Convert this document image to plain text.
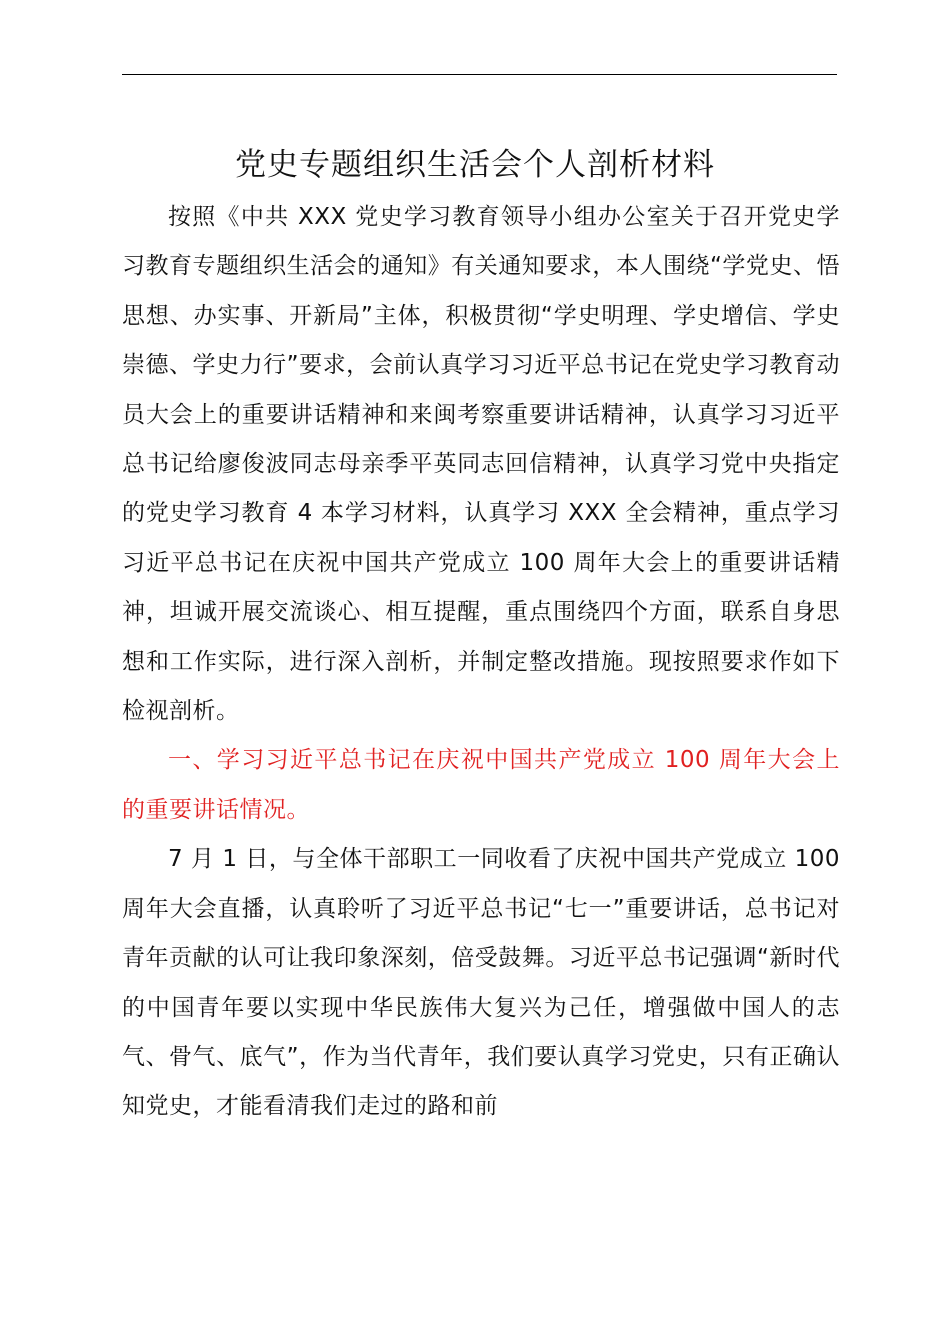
党史专题组织生活会个人剖析材料

按照《中共 XXX 党史学习教育领导小组办公室关于召开党史学习教育专题组织生活会的通知》有关通知要求，本人围绕“学党史、悟思想、办实事、开新局”主体，积极贯彻“学史明理、学史增信、学史崇德、学史力行”要求，会前认真学习习近平总书记在党史学习教育动员大会上的重要讲话精神和来闽考察重要讲话精神，认真学习习近平总书记给廖俊波同志母亲季平英同志回信精神，认真学习党中央指定的党史学习教育 4 本学习材料，认真学习 XXX 全会精神，重点学习习近平总书记在庆祝中国共产党成立 100 周年大会上的重要讲话精神，坦诚开展交流谈心、相互提醒，重点围绕四个方面，联系自身思想和工作实际，进行深入剖析，并制定整改措施。现按照要求作如下检视剖析。

一、学习习近平总书记在庆祝中国共产党成立 100 周年大会上的重要讲话情况。

7 月 1 日，与全体干部职工一同收看了庆祝中国共产党成立 100 周年大会直播，认真聆听了习近平总书记“七一”重要讲话，总书记对青年贡献的认可让我印象深刻，倍受鼓舞。习近平总书记强调“新时代的中国青年要以实现中华民族伟大复兴为己任，增强做中国人的志气、骨气、底气”，作为当代青年，我们要认真学习党史，只有正确认知党史，才能看清我们走过的路和前
